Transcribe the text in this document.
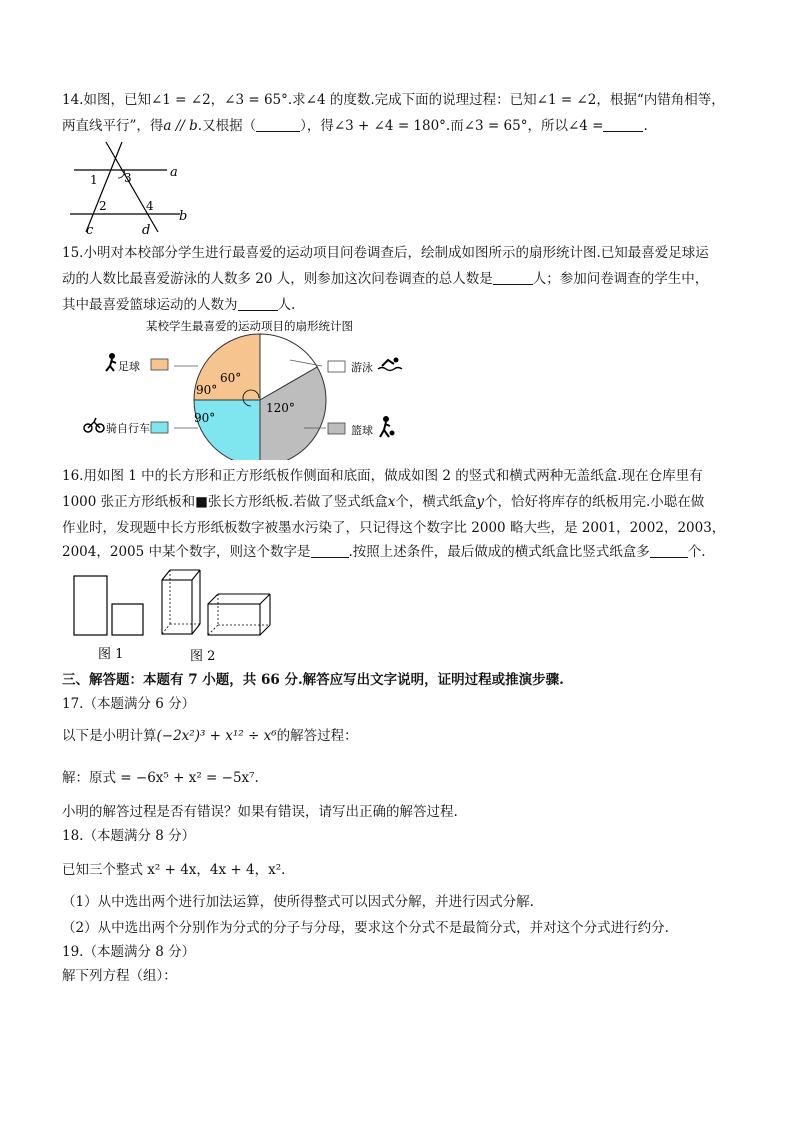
14.如图，已知∠1 = ∠2，∠3 = 65°.求∠4 的度数.完成下面的说理过程：已知∠1 = ∠2，根据“内错角相等，
两直线平行”，得a // b.又根据（	），得∠3 + ∠4 = 180°.而∠3 = 65°，所以∠4 =	.
1 3
2	4
a
b
c	d
15.小明对本校部分学生进行最喜爱的运动项目问卷调查后，绘制成如图所示的扇形统计图.已知最喜爱足球运
动的人数比最喜爱游泳的人数多 20 人，则参加这次问卷调查的总人数是	人；参加问卷调查的学生中，
其中最喜爱篮球运动的人数为	人.
某校学生最喜爱的运动项目的扇形统计图
60°
120°
90°
90°
足球
骑自行车
游泳
篮球
16.用如图 1 中的长方形和正方形纸板作侧面和底面，做成如图 2 的竖式和横式两种无盖纸盒.现在仓库里有
1000 张正方形纸板和■张长方形纸板.若做了竖式纸盒x个，横式纸盒y个，恰好将库存的纸板用完.小聪在做
作业时，发现题中长方形纸板数字被墨水污染了，只记得这个数字比 2000 略大些，是 2001，2002，2003，
2004，2005 中某个数字，则这个数字是	.按照上述条件，最后做成的横式纸盒比竖式纸盒多	个.
图 1	图 2
三、解答题：本题有 7 小题，共 66 分.解答应写出文字说明，证明过程或推演步骤.
17.（本题满分 6 分）
以下是小明计算(−2x²)³ + x¹² ÷ x⁶的解答过程：
解：原式 = −6x⁵ + x² = −5x⁷.
小明的解答过程是否有错误？如果有错误，请写出正确的解答过程.
18.（本题满分 8 分）
已知三个整式 x² + 4x，4x + 4，x².
（1）从中选出两个进行加法运算，使所得整式可以因式分解，并进行因式分解.
（2）从中选出两个分别作为分式的分子与分母，要求这个分式不是最简分式，并对这个分式进行约分.
19.（本题满分 8 分）
解下列方程（组）：
